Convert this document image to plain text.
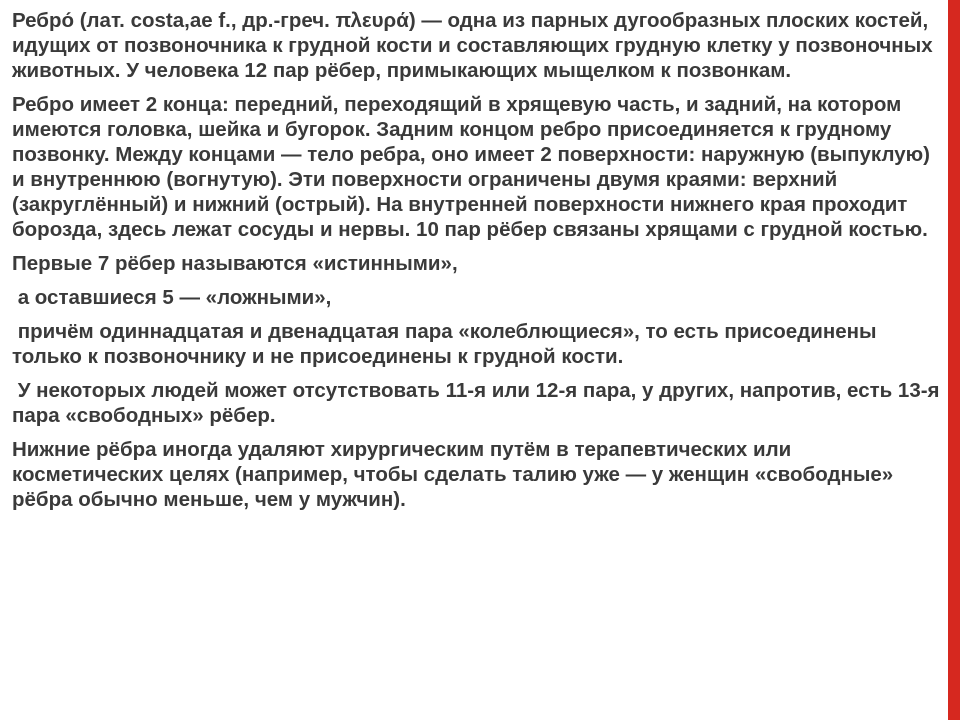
Ребро́ (лат. costa,ae f., др.-греч. πλευρά) — одна из парных дугообразных плоских костей, идущих от позвоночника к грудной кости и составляющих грудную клетку у позвоночных животных. У человека 12 пар рёбер, примыкающих мыщелком к позвонкам.

Ребро имеет 2 конца: передний, переходящий в хрящевую часть, и задний, на котором имеются головка, шейка и бугорок. Задним концом ребро присоединяется к грудному позвонку. Между концами — тело ребра, оно имеет 2 поверхности: наружную (выпуклую) и внутреннюю (вогнутую). Эти поверхности ограничены двумя краями: верхний (закруглённый) и нижний (острый). На внутренней поверхности нижнего края проходит борозда, здесь лежат сосуды и нервы. 10 пар рёбер связаны хрящами с грудной костью.

Первые 7 рёбер называются «истинными»,

а оставшиеся 5 — «ложными»,

причём одиннадцатая и двенадцатая пара «колеблющиеся», то есть присоединены только к позвоночнику и не присоединены к грудной кости.

У некоторых людей может отсутствовать 11-я или 12-я пара, у других, напротив, есть 13-я пара «свободных» рёбер.

Нижние рёбра иногда удаляют хирургическим путём в терапевтических или косметических целях (например, чтобы сделать талию уже — у женщин «свободные» рёбра обычно меньше, чем у мужчин).
